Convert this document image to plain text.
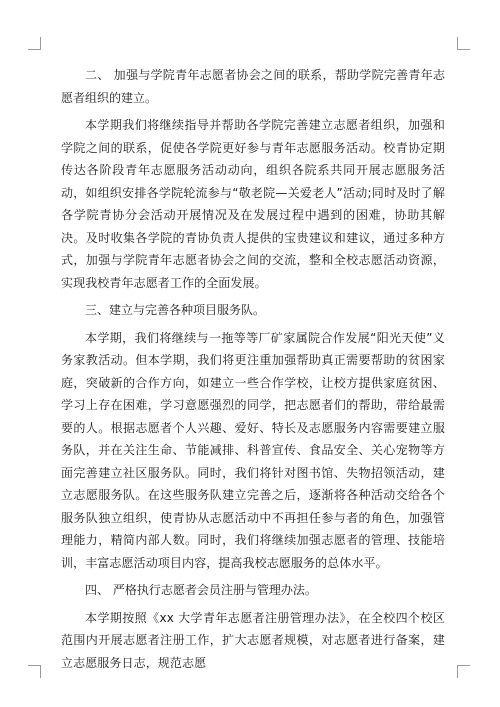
二、 加强与学院青年志愿者协会之间的联系，帮助学院完善青年志愿者组织的建立。

本学期我们将继续指导并帮助各学院完善建立志愿者组织，加强和学院之间的联系，促使各学院更好参与青年志愿服务活动。校青协定期传达各阶段青年志愿服务活动动向，组织各院系共同开展志愿服务活动，如组织安排各学院轮流参与“敬老院—关爱老人”活动;同时及时了解各学院青协分会活动开展情况及在发展过程中遇到的困难，协助其解决。及时收集各学院的青协负责人提供的宝贵建议和建议，通过多种方式，加强与学院青年志愿者协会之间的交流，整和全校志愿活动资源，实现我校青年志愿者工作的全面发展。

三、建立与完善各种项目服务队。

本学期，我们将继续与一拖等等厂矿家属院合作发展“阳光天使”义务家教活动。但本学期，我们将更注重加强帮助真正需要帮助的贫困家庭，突破新的合作方向，如建立一些合作学校，让校方提供家庭贫困、学习上存在困难，学习意愿强烈的同学，把志愿者们的帮助，带给最需要的人。根据志愿者个人兴趣、爱好、特长及志愿服务内容需要建立服务队，并在关注生命、节能减排、科普宣传、食品安全、关心宠物等方面完善建立社区服务队。同时，我们将针对图书馆、失物招领活动，建立志愿服务队。在这些服务队建立完善之后，逐渐将各种活动交给各个服务队独立组织，使青协从志愿活动中不再担任参与者的角色，加强管理能力，精简内部人数。同时，我们将继续加强志愿者的管理、技能培训，丰富志愿活动项目内容，提高我校志愿服务的总体水平。

四、 严格执行志愿者会员注册与管理办法。

本学期按照《xx 大学青年志愿者注册管理办法》，在全校四个校区范围内开展志愿者注册工作，扩大志愿者规模，对志愿者进行备案，建立志愿服务日志，规范志愿
